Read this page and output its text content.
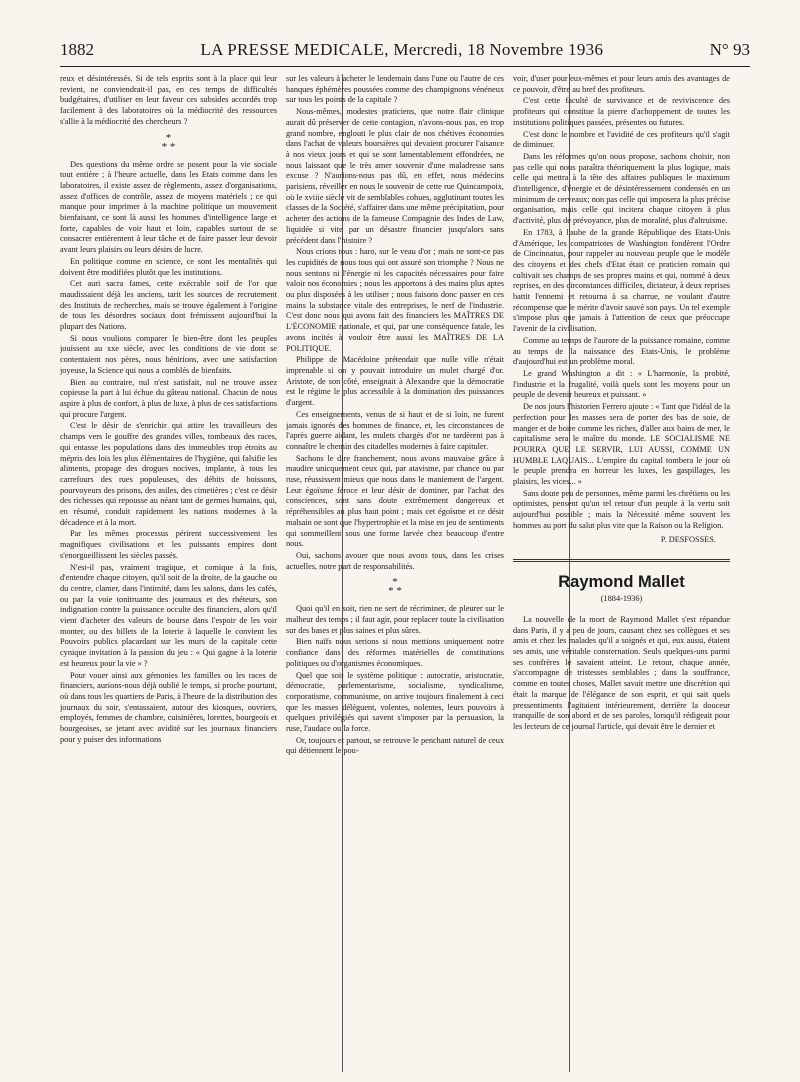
1882	LA PRESSE MEDICALE, Mercredi, 18 Novembre 1936	N° 93

reux et désintéressés. Si de tels esprits sont à la place qui leur revient, ne conviendrait-il pas, en ces temps de difficultés budgétaires, d'utiliser en leur faveur ces subsides accordés trop facilement à des laboratoires où la médiocrité des ressources s'allie à la médiocrité des chercheurs ?

*
* *

Des questions du même ordre se posent pour la vie sociale tout entière ; à l'heure actuelle, dans les Etats comme dans les laboratoires, il existe assez de règlements, assez d'organisations, assez d'offices de contrôle, assez de moyens matériels ; ce qui manque pour imprimer à la machine politique un mouvement bienfaisant, ce sont là aussi les hommes d'intelligence large et forte, capables de voir haut et loin, capables surtout de se consacrer entièrement à leur tâche et de faire passer leur devoir avant leurs plaisirs ou leurs désirs de lucre.

En politique comme en science, ce sont les mentalités qui doivent être modifiées plutôt que les institutions.

Cet auri sacra fames, cette exécrable soif de l'or que maudissaient déjà les anciens, tarit les sources de recrutement des Instituts de recherches, mais se trouve également à l'origine de tous les désordres sociaux dont frémissent aujourd'hui la plupart des Nations.

Si nous voulions comparer le bien-être dont les peuples jouissent au xxe siècle, avec les conditions de vie dont se contentaient nos pères, nous bénirions, avec une satisfaction joyeuse, la Science qui nous a comblés de bienfaits.

Bien au contraire, nul n'est satisfait, nul ne trouve assez copieuse la part à lui échue du gâteau national. Chacun de nous aspire à plus de confort, à plus de luxe, à plus de ces satisfactions qui procure l'argent.

C'est le désir de s'enrichir qui attire les travailleurs des champs vers le gouffre des grandes villes, tombeaux des races, qui entasse les populations dans des immeubles trop étroits au mépris des lois les plus élémentaires de l'hygiène, qui falsifie les aliments, propage des drogues nocives, implante, à tous les carrefours des rues populeuses, des débits de boissons, pourvoyeurs des prisons, des asiles, des cimetières ; c'est ce désir des richesses qui repousse au néant tant de germes humains, qui, en résumé, conduit rapidement les nations modernes à la décadence et à la mort.

Par les mêmes processus périrent successivement les magnifiques civilisations et les puissants empires dont s'enorgueillissent les siècles passés.

N'est-il pas, vraiment tragique, et comique à la fois, d'entendre chaque citoyen, qu'il soit de la droite, de la gauche ou du centre, clamer, dans l'intimité, dans les salons, dans les cafés, ou par la voie tonitruante des journaux et des rhéteurs, son indignation contre la puissance occulte des financiers, alors qu'il vient d'acheter des valeurs de bourse dans l'espoir de les voir monter, ou des billets de la loterie à laquelle le convient les Pouvoirs publics placardant sur les murs de la capitale cette cynique invitation à la passion du jeu : « Qui gagne à la loterie est heureux pour la vie » ?

Pour vouer ainsi aux gémonies les familles ou les races de financiers, aurions-nous déjà oublié le temps, si proche pourtant, où dans tous les quartiers de Paris, à l'heure de la distribution des journaux du soir, s'entassaient, autour des kiosques, ouvriers, employés, femmes de chambre, cuisinières, lorettes, bourgeois et bourgeoises, se jetant avec avidité sur les journaux financiers pour y puiser des informations

sur les valeurs à acheter le lendemain dans l'une ou l'autre de ces banques éphémères poussées comme des champignons vénéneux sur tous les points de la capitale ?

Nous-mêmes, modestes praticiens, que notre flair clinique aurait dû préserver de cette contagion, n'avons-nous pas, en trop grand nombre, englouti le plus clair de nos chétives économies dans l'achat de valeurs boursières qui devaient procurer l'aisance à nos vieux jours et qui se sont lamentablement effondrées, ne nous laissant que le très amer souvenir d'une maladresse sans excuse ? N'aurions-nous pas dû, en effet, nous médecins parisiens, réveiller en nous le souvenir de cette rue Quincampoix, où le xviiie siècle vit de semblables cohues, agglutinant toutes les classes de la Société, s'affairer dans une même précipitation, pour acheter des actions de la fameuse Compagnie des Indes de Law, liquidée si vite par un désastre financier jusqu'alors sans précédent dans l'histoire ?

Nous crions tous : haro, sur le veau d'or ; mais ne sont-ce pas les cupidités de nous tous qui ont assuré son triomphe ? Nous ne nous sentons ni l'énergie ni les capacités nécessaires pour faire valoir nos économies ; nous les apportons à des mains plus aptes ou plus disposées à les utiliser ; nous faisons donc passer en ces mains la substance vitale des entreprises, le nerf de l'industrie. C'est donc nous qui avons fait des financiers les MAÎTRES DE L'ÉCONOMIE nationale, et qui, par une conséquence fatale, les avons incités à vouloir être aussi les MAÎTRES DE LA POLITIQUE.

Philippe de Macédoine prétendait que nulle ville n'était imprenable si on y pouvait introduire un mulet chargé d'or. Aristote, de son côté, enseignait à Alexandre que la démocratie est le régime le plus accessible à la domination des puissances d'argent.

Ces enseignements, venus de si haut et de si loin, ne furent jamais ignorés des hommes de finance, et, les circonstances de l'après guerre aidant, les mulets chargés d'or ne tardèrent pas à connaître le chemin des citadelles modernes à faire capituler.

Sachons le dire franchement, nous avons mauvaise grâce à maudire unicquement ceux qui, par atavisme, par chance ou par ruse, réussissent mieux que nous dans le maniement de l'argent. Leur égoïsme féroce et leur désir de dominer, par l'achat des consciences, sont sans doute extrêmement dangereux et répréhensibles au plus haut point ; mais cet égoïsme et ce désir malsain ne sont que l'hypertrophie et la mise en jeu de sentiments qui sommeillent sous une forme larvée chez beaucoup d'entre nous.

Oui, sachons avouer que nous avons tous, dans les crises actuelles, notre part de responsabilités.

*
* *

Quoi qu'il en soit, rien ne sert de récriminer, de pleurer sur le malheur des temps ; il faut agir, pour replacer toute la civilisation sur des bases et plus saines et plus sûres.

Bien naïfs nous serions si nous mettions uniquement notre confiance dans des réformes matérielles de constitutions politiques ou d'organismes économiques.

Quel que soit le système politique : autocratie, aristocratie, démocratie, parlementarisme, socialisme, syndicalisme, corporatisme, communisme, on arrive toujours finalement à ceci que les masses déléguent, volentes, nolentes, leurs pouvoirs à quelques privilégiés qui savent s'imposer par la persuasion, la ruse, l'audace ou la force.

Or, toujours et partout, se retrouve le penchant naturel de ceux qui détiennent le pou-

voir, d'user pour eux-mêmes et pour leurs amis des avantages de ce pouvoir, d'être au bref des profiteurs.

C'est cette faculté de survivance et de reviviscence des profiteurs qui constitue la pierre d'achoppement de toutes les institutions politiques passées, présentes ou futures.

C'est donc le nombre et l'avidité de ces profiteurs qu'il s'agit de diminuer.

Dans les réformes qu'on nous propose, sachons choisir, non pas celle qui nous paraîtra théoriquement la plus logique, mais celle qui mettra à la tête des affaires publiques le maximum d'intelligence, d'énergie et de désintéressement condensés en un minimum de cerveaux; non pas celle qui imposera la plus précise organisation, mais celle qui incitera chaque citoyen à plus d'activité, plus de prévoyance, plus de moralité, plus d'altruisme.

En 1783, à l'aube de la grande République des Etats-Unis d'Amérique, les compatriotes de Washington fondèrent l'Ordre de Cincinnatus, pour rappeler au nouveau peuple que le modèle des citoyens et des chefs d'Etat était ce praticien romain qui cultivait ses champs de ses propres mains et qui, nommé à deux reprises, en des circonstances difficiles, dictateur, à deux reprises battit l'ennemi et retourna à sa charrue, ne voulant d'autre récompense que le mérite d'avoir sauvé son pays. Un tel exemple s'impose plus que jamais à l'attention de ceux que préoccupe l'avenir de la civilisation.

Comme au temps de l'aurore de la puissance romaine, comme au temps de la naissance des Etats-Unis, le problème d'aujourd'hui est un problème moral.

Le grand Washington a dit : « L'harmonie, la probité, l'industrie et la frugalité, voilà quels sont les moyens pour un peuple de devenir heureux et puissant. »

De nos jours l'historien Ferrero ajoute : « Tant que l'idéal de la perfection pour les masses sera de porter des bas de soie, de manger et de boire comme les riches, d'aller aux bains de mer, le capitalisme sera le maître du monde. LE SOCIALISME NE POURRA QUE LE SERVIR, LUI AUSSI, COMME UN HUMBLE LAQUAIS... L'empire du capital tombera le jour où le peuple prendra en horreur les luxes, les gaspillages, les plaisirs, les vices... »

Sans doute peu de personnes, même parmi les chrétiens ou les optimistes, pensent qu'un tel retour d'un peuple à la vertu soit aujourd'hui possible ; mais la Nécessité même souvent les hommes au port du salut plus vite que la Raison ou la Religion.

P. DESFOSSES.
Raymond Mallet
(1884-1936)

La nouvelle de la mort de Raymond Mallet s'est répandue dans Paris, il y a peu de jours, causant chez ses collègues et ses amis et chez les malades qu'il a soignés et qui, eux aussi, étaient ses amis, une véritable consternation. Seuls quelques-uns parmi ses confrères le savaient atteint. Le retour, chaque année, s'accompagne de tristesses semblables ; dans la souffrance, comme en toutes choses, Mallet savait mettre une discrétion qui était la marque de l'élégance de son esprit, et qui sait quels pressentiments l'agitaient intérieurement, derrière la douceur tranquille de son abord et de ses paroles, lorsqu'il rédigeait pour les lecteurs de ce journal l'article, qui devait être le dernier et
